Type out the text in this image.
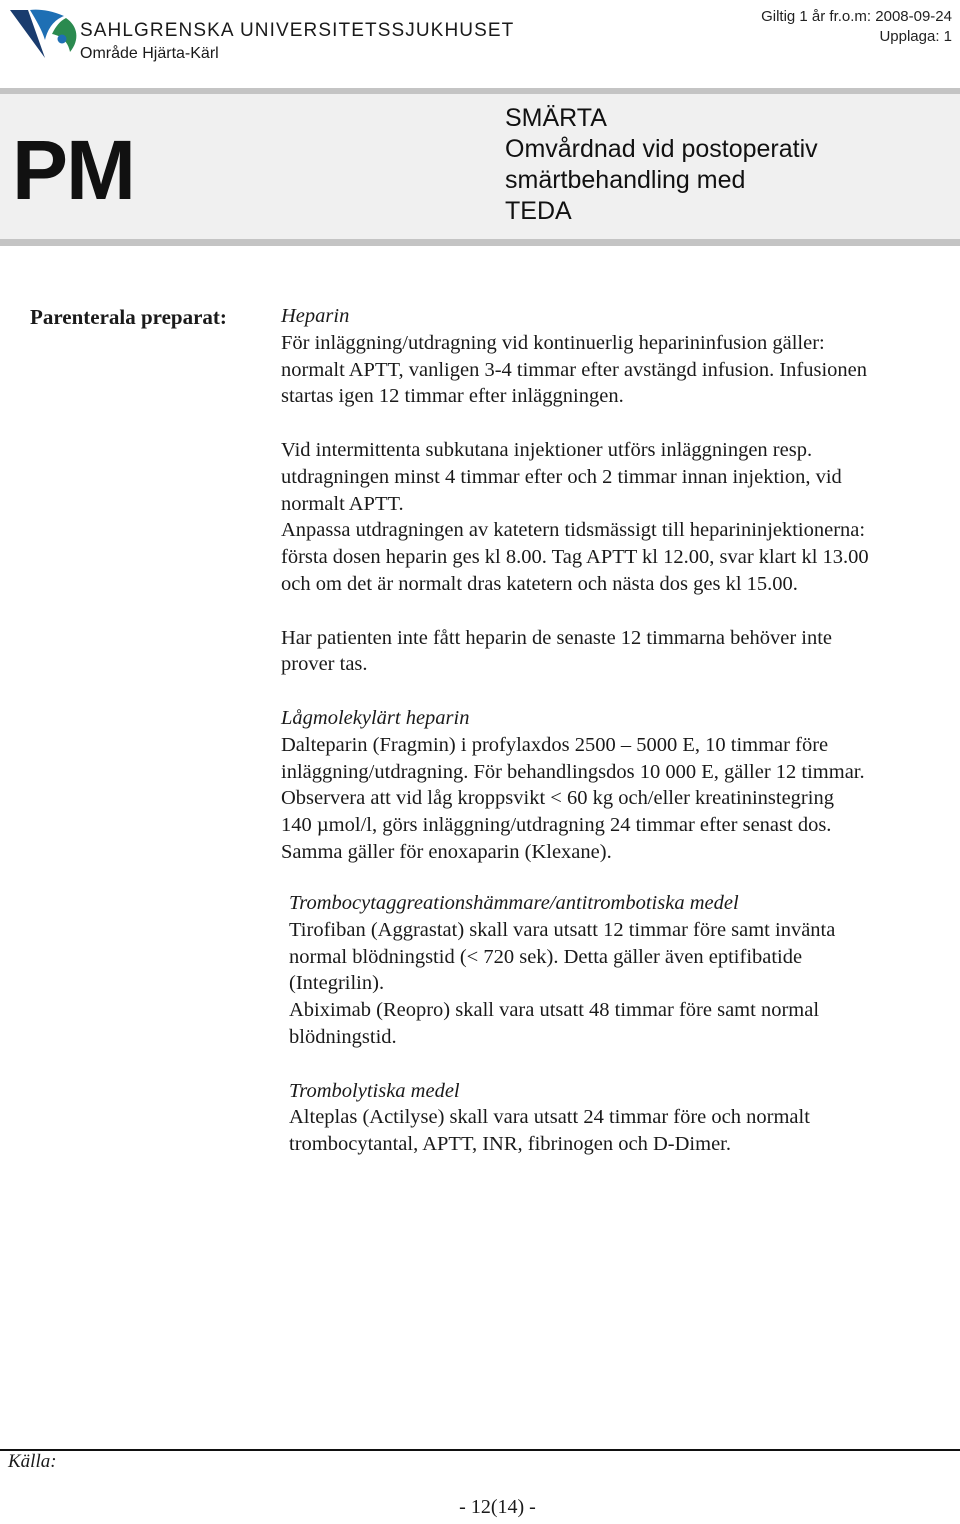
SAHLGRENSKA UNIVERSITETSSJUKHUSET
Område Hjärta-Kärl
Giltig 1 år fr.o.m: 2008-09-24
Upplaga: 1
PM
SMÄRTA
Omvårdnad vid postoperativ
smärtbehandling med
TEDA
Parenterala preparat:	Heparin

För inläggning/utdragning vid kontinuerlig heparininfusion gäller:

normalt APTT, vanligen 3-4 timmar efter avstängd infusion. Infusionen

startas igen 12 timmar efter inläggningen.

Vid intermittenta subkutana injektioner utförs inläggningen resp.

utdragningen minst 4 timmar efter och 2 timmar innan injektion, vid

normalt APTT.

Anpassa utdragningen av katetern tidsmässigt till heparininjektionerna:

första dosen heparin ges kl 8.00. Tag APTT kl 12.00, svar klart kl 13.00

och om det är normalt dras katetern och nästa dos ges kl 15.00.

Har patienten inte fått heparin de senaste 12 timmarna behöver inte

prover tas.

Lågmolekylärt heparin

Dalteparin (Fragmin) i profylaxdos 2500 – 5000 E, 10 timmar före

inläggning/utdragning. För behandlingsdos 10 000 E, gäller 12 timmar.

Observera att vid låg kroppsvikt < 60 kg och/eller kreatininstegring

140 µmol/l, görs inläggning/utdragning 24 timmar efter senast dos.

Samma gäller för enoxaparin (Klexane).

Trombocytaggreationshämmare/antitrombotiska medel

Tirofiban (Aggrastat) skall vara utsatt 12 timmar före samt invänta

normal blödningstid (< 720 sek). Detta gäller även eptifibatide

(Integrilin).

Abiximab (Reopro) skall vara utsatt 48 timmar före samt normal

blödningstid.

Trombolytiska medel

Alteplas (Actilyse) skall vara utsatt 24 timmar före och normalt

trombocytantal, APTT, INR, fibrinogen och D-Dimer.

Källa:
- 12(14) -
